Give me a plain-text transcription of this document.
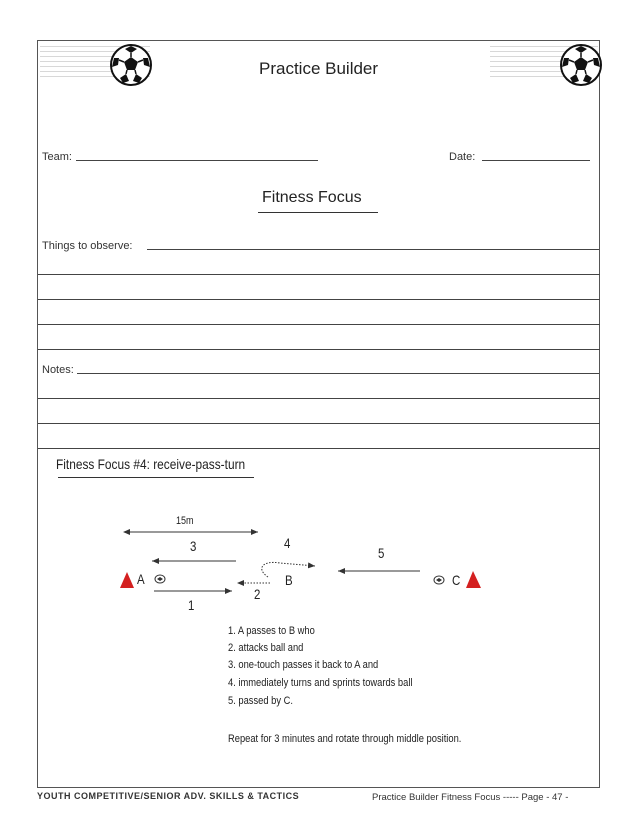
Practice Builder
Team:	Date:
Fitness Focus
Things to observe:
Notes:
Fitness Focus #4: receive-pass-turn
15m
3	4
5
A	B	C
2
1
1. A passes to B who
2. attacks ball and
3. one-touch passes it back to A and
4. immediately turns and sprints towards ball
5. passed by C.
Repeat for 3 minutes and rotate through middle position.
YOUTH COMPETITIVE/SENIOR ADV. SKILLS & TACTICS	Practice Builder Fitness Focus ----- Page - 47 -
